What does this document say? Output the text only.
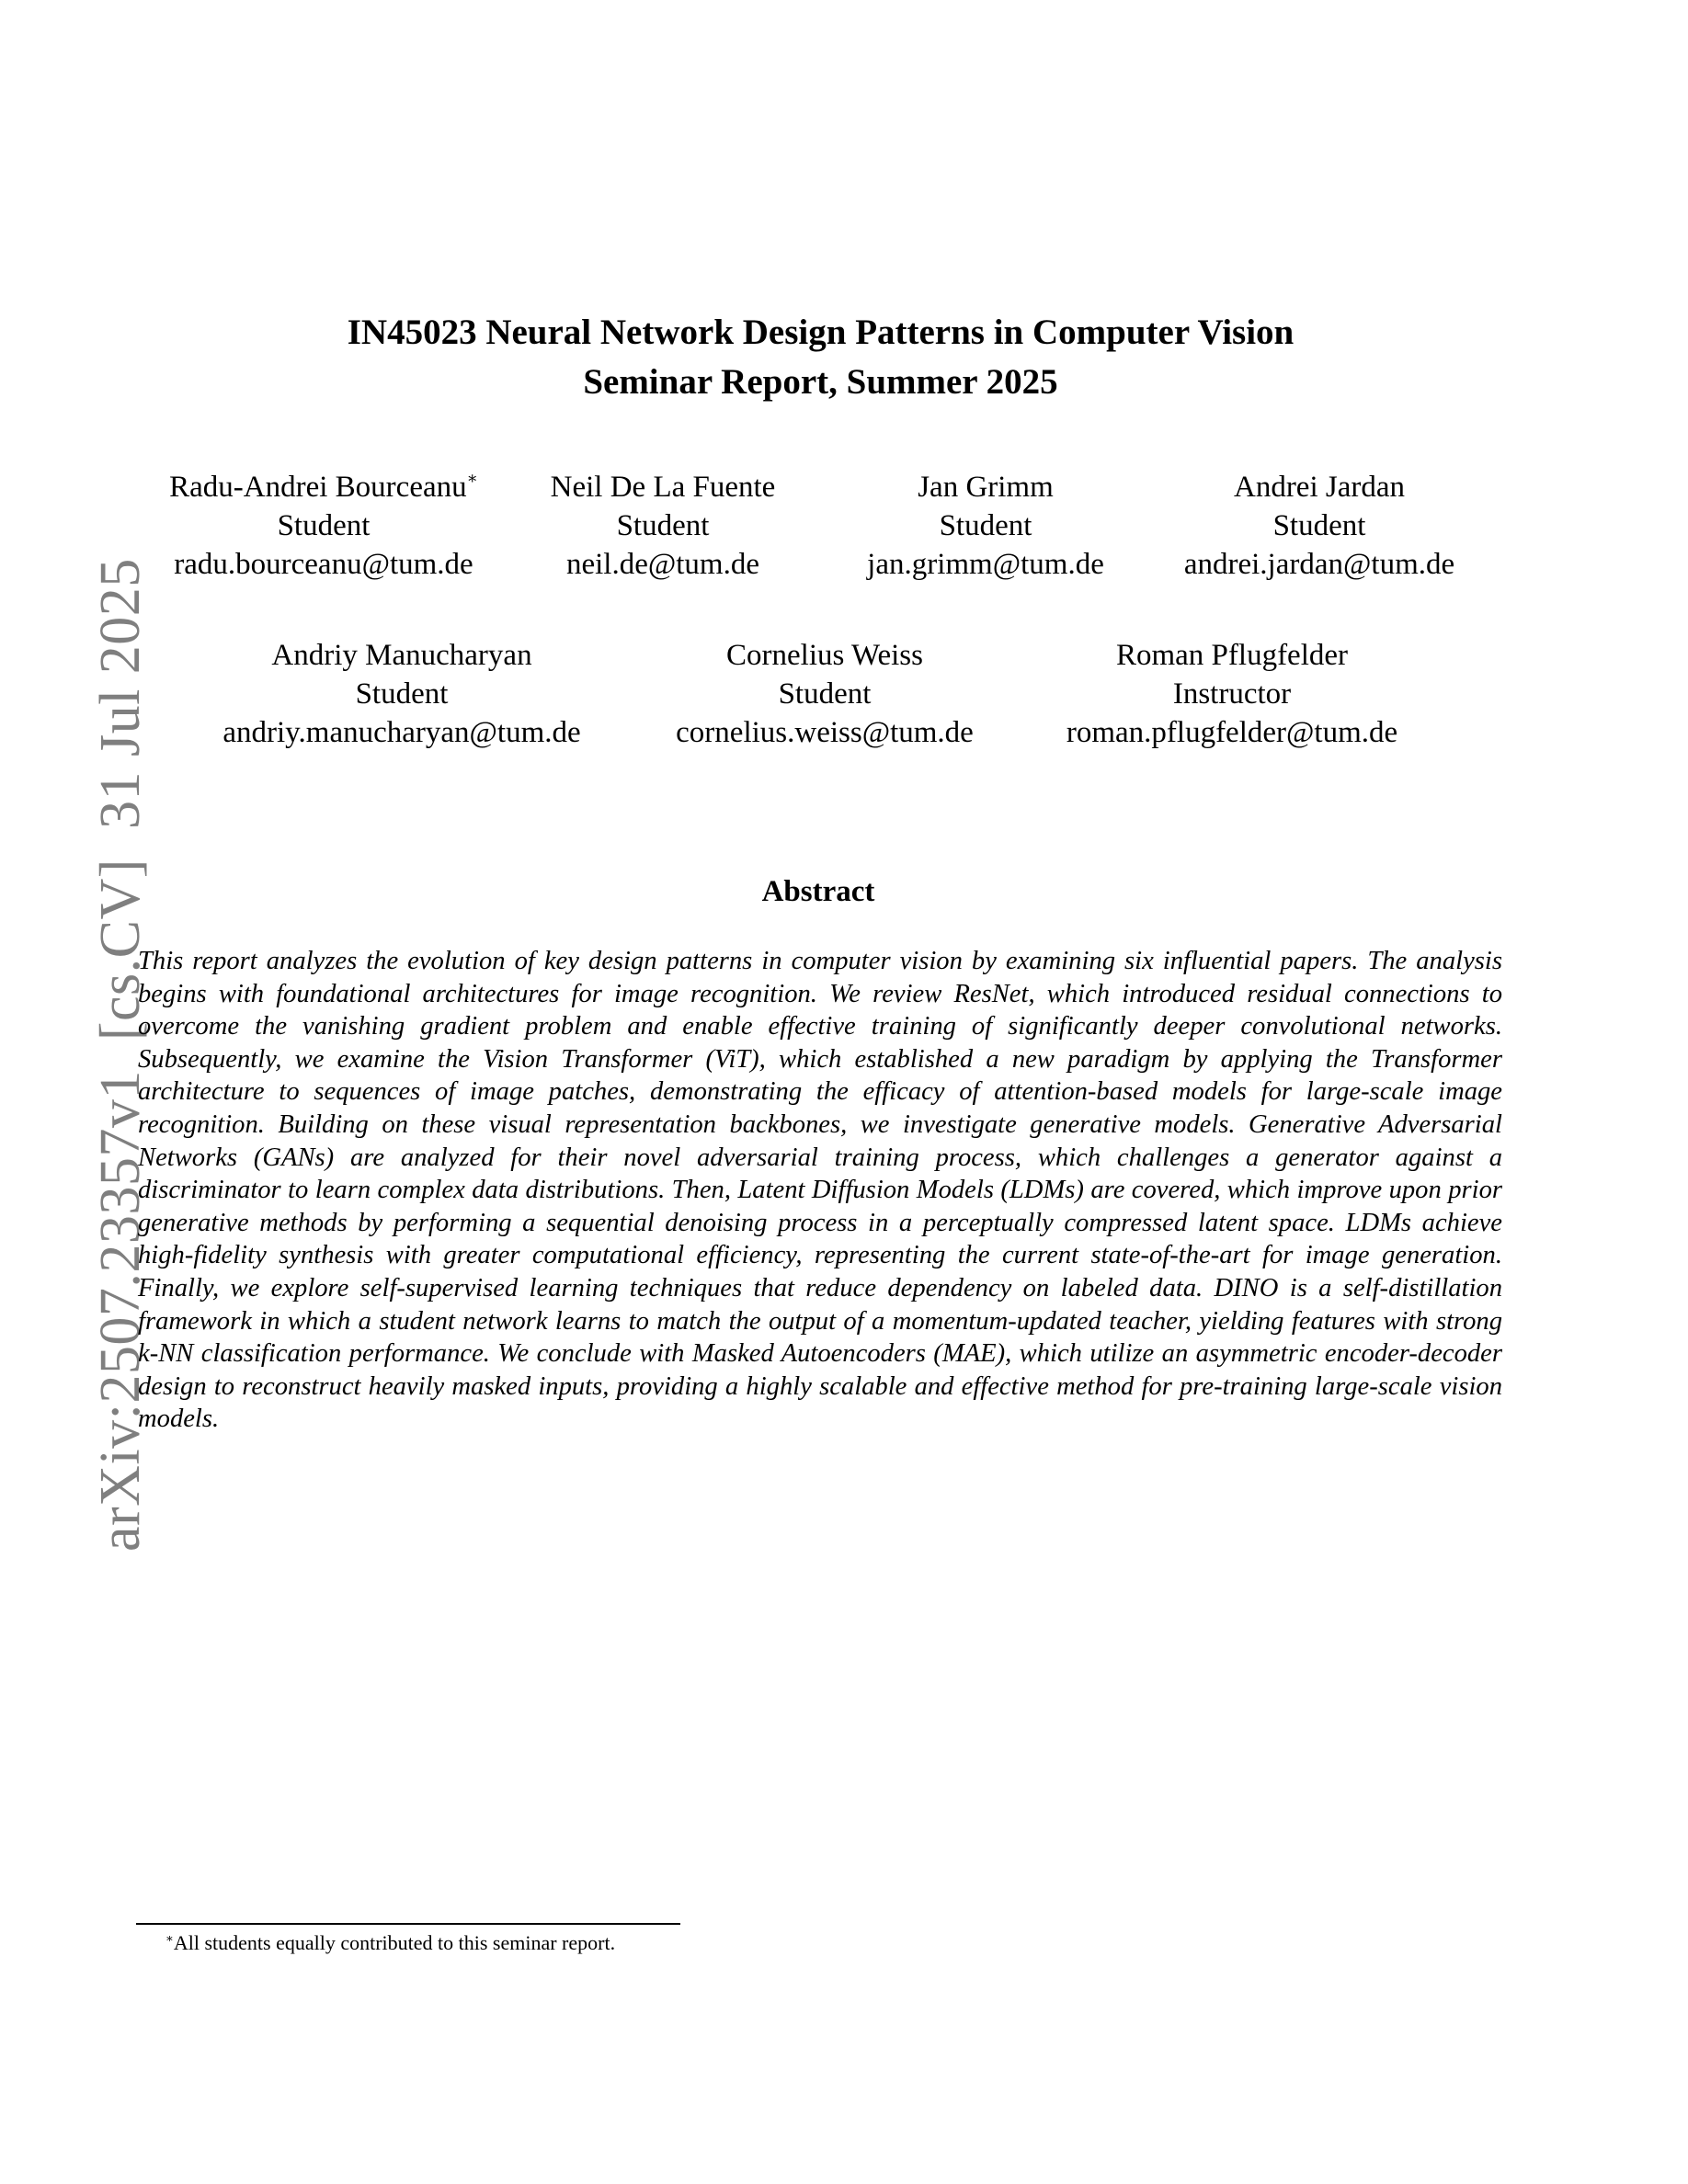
arXiv:2507.23357v1  [cs.CV]  31 Jul 2025
IN45023 Neural Network Design Patterns in Computer Vision
Seminar Report, Summer 2025
Radu-Andrei Bourceanu∗
Student
radu.bourceanu@tum.de
Neil De La Fuente
Student
neil.de@tum.de
Jan Grimm
Student
jan.grimm@tum.de
Andrei Jardan
Student
andrei.jardan@tum.de
Andriy Manucharyan
Student
andriy.manucharyan@tum.de
Cornelius Weiss
Student
cornelius.weiss@tum.de
Roman Pflugfelder
Instructor
roman.pflugfelder@tum.de
Abstract
This report analyzes the evolution of key design patterns in computer vision by examining six influential papers. The analysis begins with foundational architectures for image recognition. We review ResNet, which introduced residual connections to overcome the vanishing gradient problem and enable effective training of significantly deeper convolutional networks. Subsequently, we examine the Vision Transformer (ViT), which established a new paradigm by applying the Transformer architecture to sequences of image patches, demonstrating the efficacy of attention-based models for large-scale image recognition. Building on these visual representation backbones, we investigate generative models. Generative Adversarial Networks (GANs) are analyzed for their novel adversarial training process, which challenges a generator against a discriminator to learn complex data distributions. Then, Latent Diffusion Models (LDMs) are covered, which improve upon prior generative methods by performing a sequential denoising process in a perceptually compressed latent space. LDMs achieve high-fidelity synthesis with greater computational efficiency, representing the current state-of-the-art for image generation. Finally, we explore self-supervised learning techniques that reduce dependency on labeled data. DINO is a self-distillation framework in which a student network learns to match the output of a momentum-updated teacher, yielding features with strong k-NN classification performance. We conclude with Masked Autoencoders (MAE), which utilize an asymmetric encoder-decoder design to reconstruct heavily masked inputs, providing a highly scalable and effective method for pre-training large-scale vision models.
∗All students equally contributed to this seminar report.
